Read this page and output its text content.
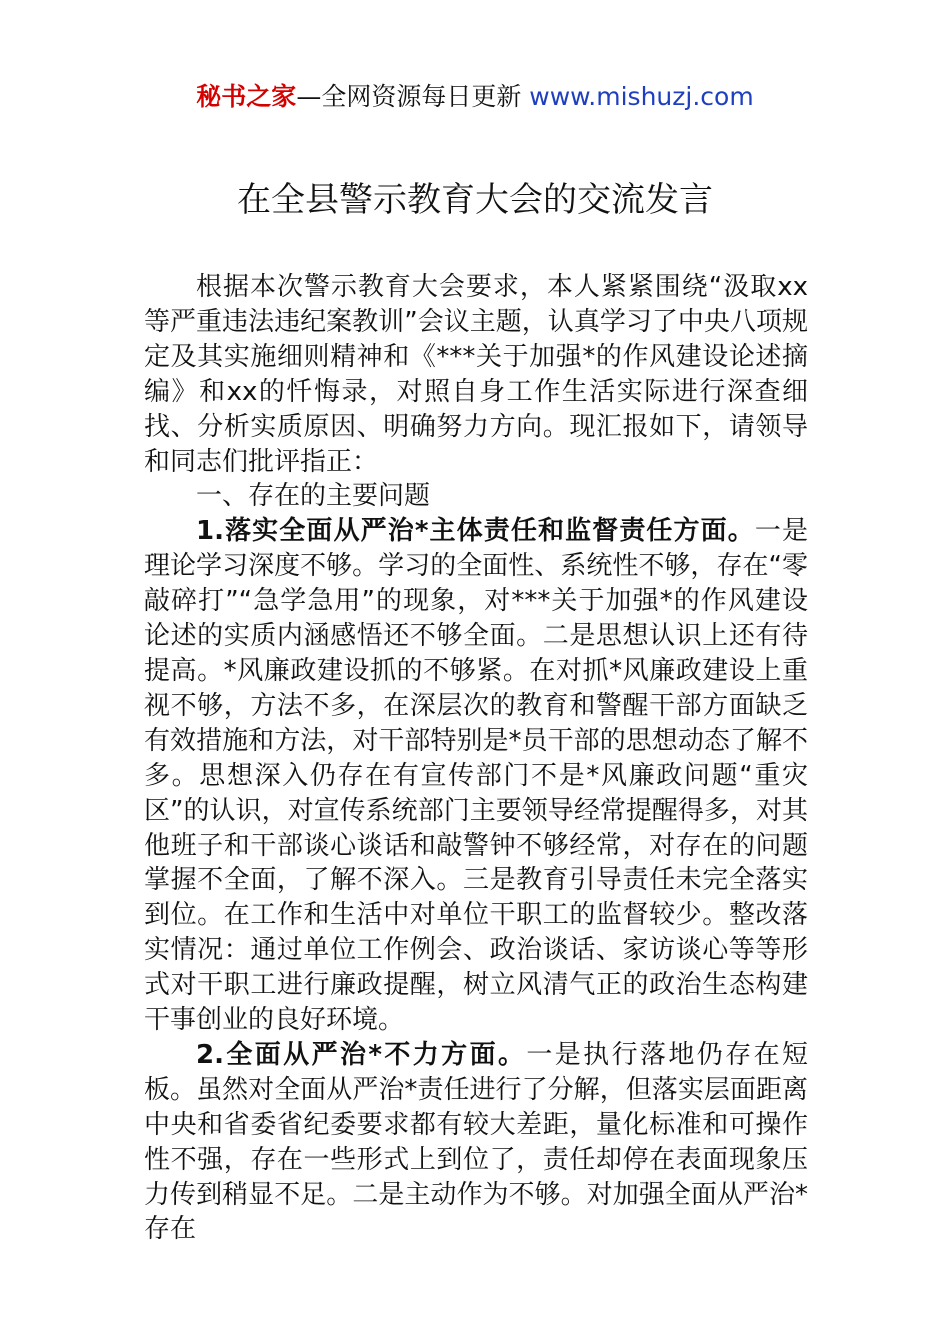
秘书之家—全网资源每日更新 www.mishuzj.com
在全县警示教育大会的交流发言

根据本次警示教育大会要求，本人紧紧围绕“汲取xx等严重违法违纪案教训”会议主题，认真学习了中央八项规定及其实施细则精神和《***关于加强*的作风建设论述摘编》和xx的忏悔录，对照自身工作生活实际进行深查细找、分析实质原因、明确努力方向。现汇报如下，请领导和同志们批评指正：

一、存在的主要问题

1.落实全面从严治*主体责任和监督责任方面。一是理论学习深度不够。学习的全面性、系统性不够，存在“零敲碎打”“急学急用”的现象，对***关于加强*的作风建设论述的实质内涵感悟还不够全面。二是思想认识上还有待提高。*风廉政建设抓的不够紧。在对抓*风廉政建设上重视不够，方法不多，在深层次的教育和警醒干部方面缺乏有效措施和方法，对干部特别是*员干部的思想动态了解不多。思想深入仍存在有宣传部门不是*风廉政问题“重灾区”的认识，对宣传系统部门主要领导经常提醒得多，对其他班子和干部谈心谈话和敲警钟不够经常，对存在的问题掌握不全面，了解不深入。三是教育引导责任未完全落实到位。在工作和生活中对单位干职工的监督较少。整改落实情况：通过单位工作例会、政治谈话、家访谈心等等形式对干职工进行廉政提醒，树立风清气正的政治生态构建干事创业的良好环境。

2.全面从严治*不力方面。一是执行落地仍存在短板。虽然对全面从严治*责任进行了分解，但落实层面距离中央和省委省纪委要求都有较大差距，量化标准和可操作性不强，存在一些形式上到位了，责任却停在表面现象压力传到稍显不足。二是主动作为不够。对加强全面从严治*存在
